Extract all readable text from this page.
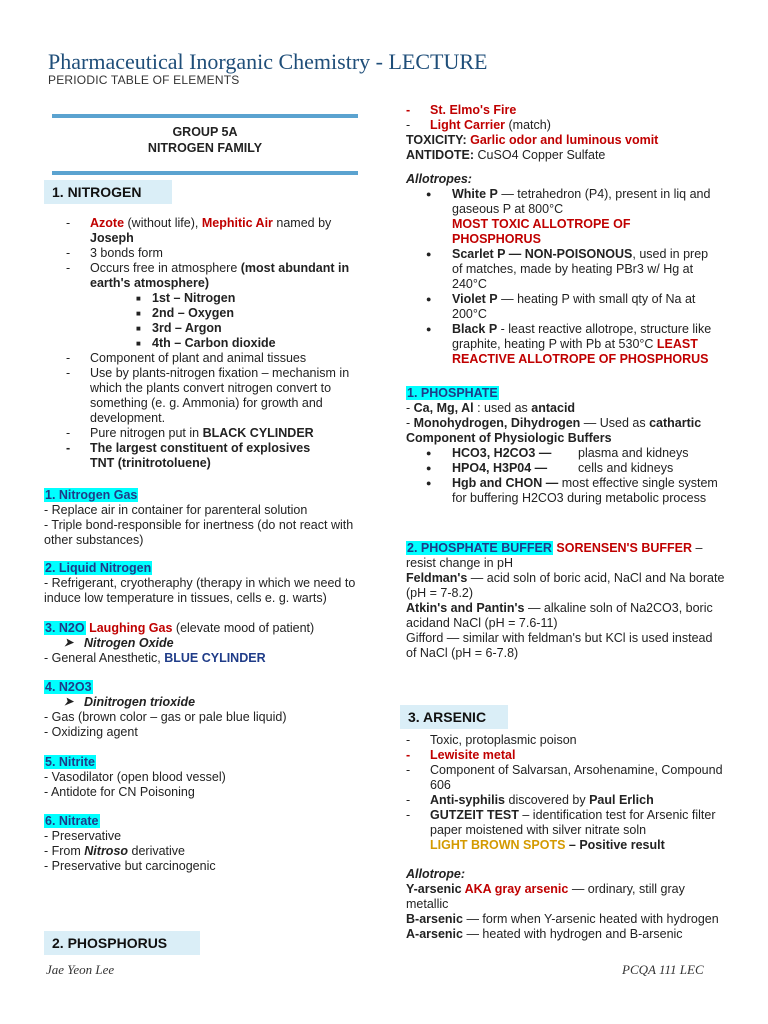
Pharmaceutical Inorganic Chemistry - LECTURE
PERIODIC TABLE OF ELEMENTS
GROUP 5A
NITROGEN FAMILY
1. NITROGEN
- Azote (without life), Mephitic Air named by
Joseph
- 3 bonds form
- Occurs free in atmosphere (most abundant in earth's atmosphere)
■ 1st – Nitrogen
■ 2nd – Oxygen
■ 3rd – Argon
■ 4th – Carbon dioxide
- Component of plant and animal tissues
- Use by plants-nitrogen fixation – mechanism in which the plants convert nitrogen convert to something (e. g. Ammonia) for growth and development.
- Pure nitrogen put in BLACK CYLINDER
- The largest constituent of explosives
TNT (trinitrotoluene)
1. Nitrogen Gas
- Replace air in container for parenteral solution
- Triple bond-responsible for inertness (do not react with other substances)
2. Liquid Nitrogen
- Refrigerant, cryotheraphy (therapy in which we need to induce low temperature in tissues, cells e. g. warts)
3. N2O Laughing Gas (elevate mood of patient)
➤ Nitrogen Oxide
- General Anesthetic, BLUE CYLINDER
4. N2O3
➤ Dinitrogen trioxide
- Gas (brown color – gas or pale blue liquid)
- Oxidizing agent
5. Nitrite
- Vasodilator (open blood vessel)
- Antidote for CN Poisoning
6. Nitrate
- Preservative
- From Nitroso derivative
- Preservative but carcinogenic
2. PHOSPHORUS
Jae Yeon Lee	PCQA 111 LEC
- St. Elmo's Fire
- Light Carrier (match)
TOXICITY: Garlic odor and luminous vomit
ANTIDOTE: CuSO4 Copper Sulfate
Allotropes:
● White P — tetrahedron (P4), present in liq and gaseous P at 800°C
MOST TOXIC ALLOTROPE OF PHOSPHORUS
● Scarlet P — NON-POISONOUS, used in prep of matches, made by heating PBr3 w/ Hg at 240°C
● Violet P — heating P with small qty of Na at 200°C
● Black P - least reactive allotrope, structure like graphite, heating P with Pb at 530°C LEAST REACTIVE ALLOTROPE OF PHOSPHORUS
1. PHOSPHATE
- Ca, Mg, Al : used as antacid
- Monohydrogen, Dihydrogen — Used as cathartic
Component of Physiologic Buffers
● HCO3, H2CO3 — plasma and kidneys
● HPO4, H3P04 — cells and kidneys
● Hgb and CHON — most effective single system for buffering H2CO3 during metabolic process
2. PHOSPHATE BUFFER SORENSEN'S BUFFER – resist change in pH
Feldman's — acid soln of boric acid, NaCl and Na borate
(pH = 7-8.2)
Atkin's and Pantin's — alkaline soln of Na2CO3, boric acidand NaCl (pH = 7.6-11)
Gifford — similar with feldman's but KCl is used instead of NaCl (pH = 6-7.8)
3. ARSENIC
- Toxic, protoplasmic poison
- Lewisite metal
- Component of Salvarsan, Arsohenamine, Compound 606
- Anti-syphilis discovered by Paul Erlich
- GUTZEIT TEST – identification test for Arsenic filter paper moistened with silver nitrate soln
LIGHT BROWN SPOTS – Positive result
Allotrope:
Y-arsenic AKA gray arsenic — ordinary, still gray metallic
B-arsenic — form when Y-arsenic heated with hydrogen
A-arsenic — heated with hydrogen and B-arsenic
